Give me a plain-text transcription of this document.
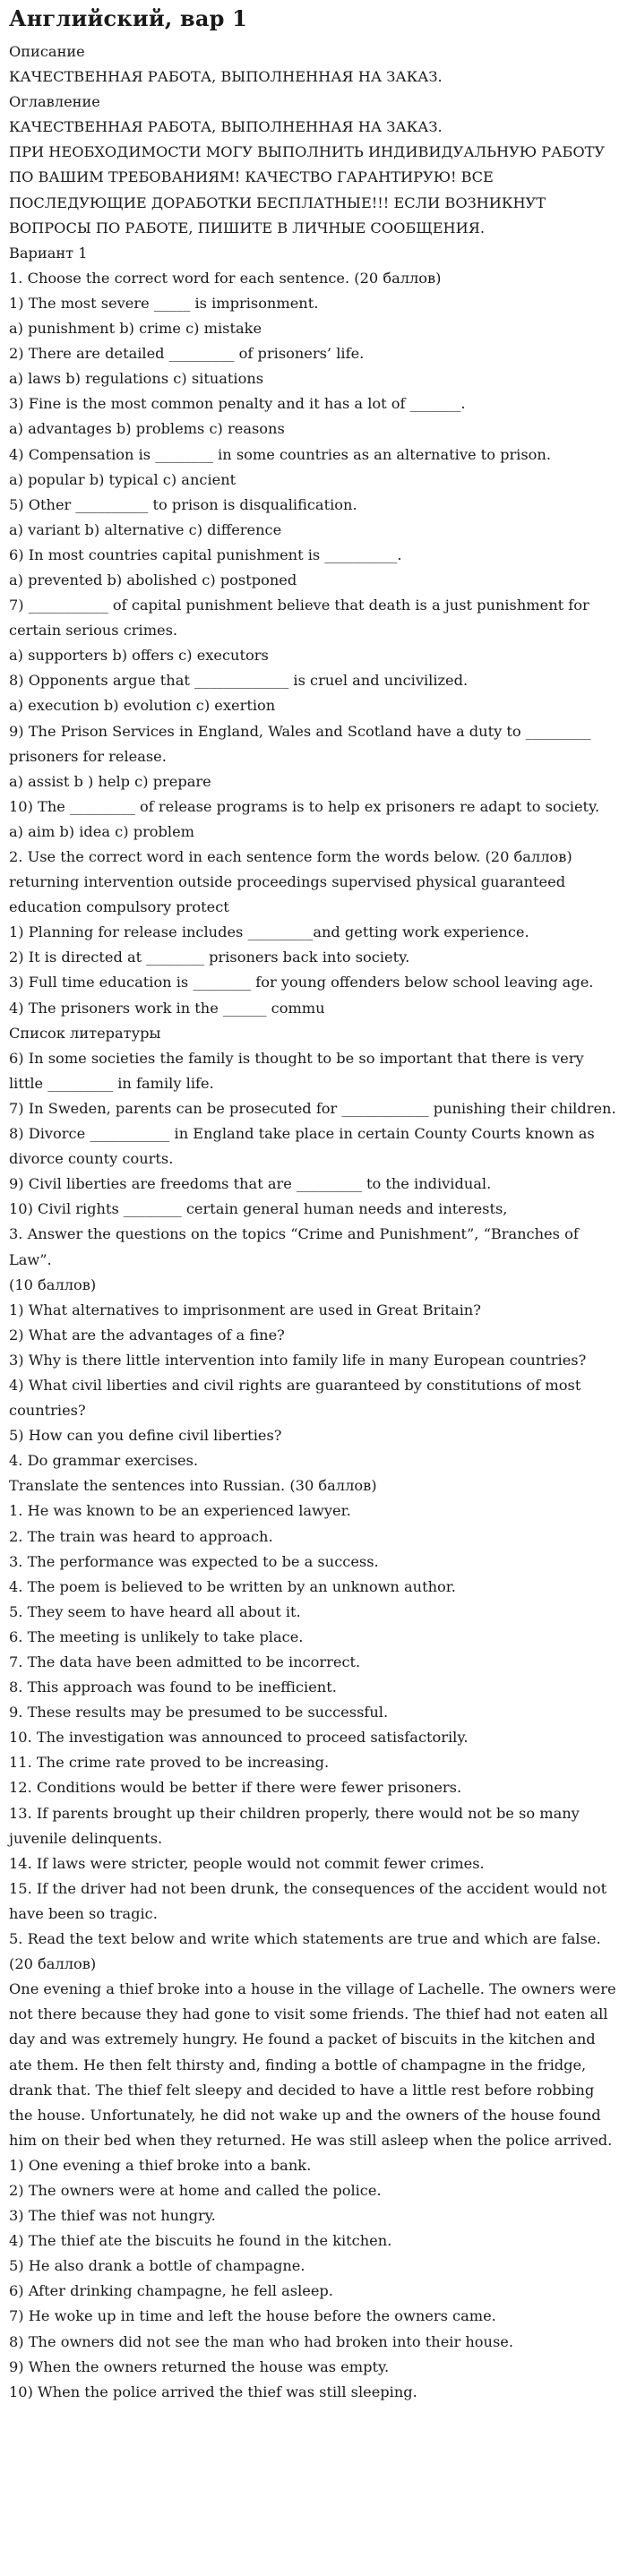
Английский, вар 1

Описание

КАЧЕСТВЕННАЯ РАБОТА, ВЫПОЛНЕННАЯ НА ЗАКАЗ.

Оглавление

КАЧЕСТВЕННАЯ РАБОТА, ВЫПОЛНЕННАЯ НА ЗАКАЗ.

ПРИ НЕОБХОДИМОСТИ МОГУ ВЫПОЛНИТЬ ИНДИВИДУАЛЬНУЮ РАБОТУ ПО ВАШИМ ТРЕБОВАНИЯМ! КАЧЕСТВО ГАРАНТИРУЮ! ВСЕ ПОСЛЕДУЮЩИЕ ДОРАБОТКИ БЕСПЛАТНЫЕ!!! ЕСЛИ ВОЗНИКНУТ ВОПРОСЫ ПО РАБОТЕ, ПИШИТЕ В ЛИЧНЫЕ СООБЩЕНИЯ.

Вариант 1

1. Choose the correct word for each sentence. (20 баллов)

1) The most severe _____ is imprisonment.

a) punishment b) crime c) mistake

2) There are detailed _________ of prisoners’ life.

a) laws b) regulations c) situations

3) Fine is the most common penalty and it has a lot of _______.

a) advantages b) problems c) reasons

4) Compensation is ________ in some countries as an alternative to prison.

a) popular b) typical c) ancient

5) Other __________ to prison is disqualification.

a) variant b) alternative c) difference

6) In most countries capital punishment is __________.

a) prevented b) abolished c) postponed

7) ___________ of capital punishment believe that death is a just punishment for certain serious crimes.

a) supporters b) offers c) executors

8) Opponents argue that _____________ is cruel and uncivilized.

a) execution b) evolution c) exertion

9) The Prison Services in England, Wales and Scotland have a duty to _________ prisoners for release.

a) assist b ) help c) prepare

10) The _________ of release programs is to help ex prisoners re adapt to society.

a) aim b) idea c) problem

2. Use the correct word in each sentence form the words below. (20 баллов)

returning intervention outside proceedings supervised physical guaranteed education compulsory protect

1) Planning for release includes _________and getting work experience.

2) It is directed at ________ prisoners back into society.

3) Full time education is ________ for young offenders below school leaving age.

4) The prisoners work in the ______ commu

Список литературы

6) In some societies the family is thought to be so important that there is very little _________ in family life.

7) In Sweden, parents can be prosecuted for ____________ punishing their children.

8) Divorce ___________ in England take place in certain County Courts known as divorce county courts.

9) Civil liberties are freedoms that are _________ to the individual.

10) Civil rights ________ certain general human needs and interests,

3. Answer the questions on the topics “Crime and Punishment”, “Branches of Law”.

(10 баллов)

1) What alternatives to imprisonment are used in Great Britain?

2) What are the advantages of a fine?

3) Why is there little intervention into family life in many European countries?

4) What civil liberties and civil rights are guaranteed by constitutions of most countries?

5) How can you define civil liberties?

4. Do grammar exercises.

Translate the sentences into Russian. (30 баллов)

1. He was known to be an experienced lawyer.

2. The train was heard to approach.

3. The performance was expected to be a success.

4. The poem is believed to be written by an unknown author.

5. They seem to have heard all about it.

6. The meeting is unlikely to take place.

7. The data have been admitted to be incorrect.

8. This approach was found to be inefficient.

9. These results may be presumed to be successful.

10. The investigation was announced to proceed satisfactorily.

11. The crime rate proved to be increasing.

12. Conditions would be better if there were fewer prisoners.

13. If parents brought up their children properly, there would not be so many juvenile delinquents.

14. If laws were stricter, people would not commit fewer crimes.

15. If the driver had not been drunk, the consequences of the accident would not have been so tragic.

5. Read the text below and write which statements are true and which are false. (20 баллов)

One evening a thief broke into a house in the village of Lachelle. The owners were not there because they had gone to visit some friends. The thief had not eaten all day and was extremely hungry. He found a packet of biscuits in the kitchen and ate them. He then felt thirsty and, finding a bottle of champagne in the fridge, drank that. The thief felt sleepy and decided to have a little rest before robbing the house. Unfortunately, he did not wake up and the owners of the house found him on their bed when they returned. He was still asleep when the police arrived.

1) One evening a thief broke into a bank.

2) The owners were at home and called the police.

3) The thief was not hungry.

4) The thief ate the biscuits he found in the kitchen.

5) He also drank a bottle of champagne.

6) After drinking champagne, he fell asleep.

7) He woke up in time and left the house before the owners came.

8) The owners did not see the man who had broken into their house.

9) When the owners returned the house was empty.

10) When the police arrived the thief was still sleeping.
